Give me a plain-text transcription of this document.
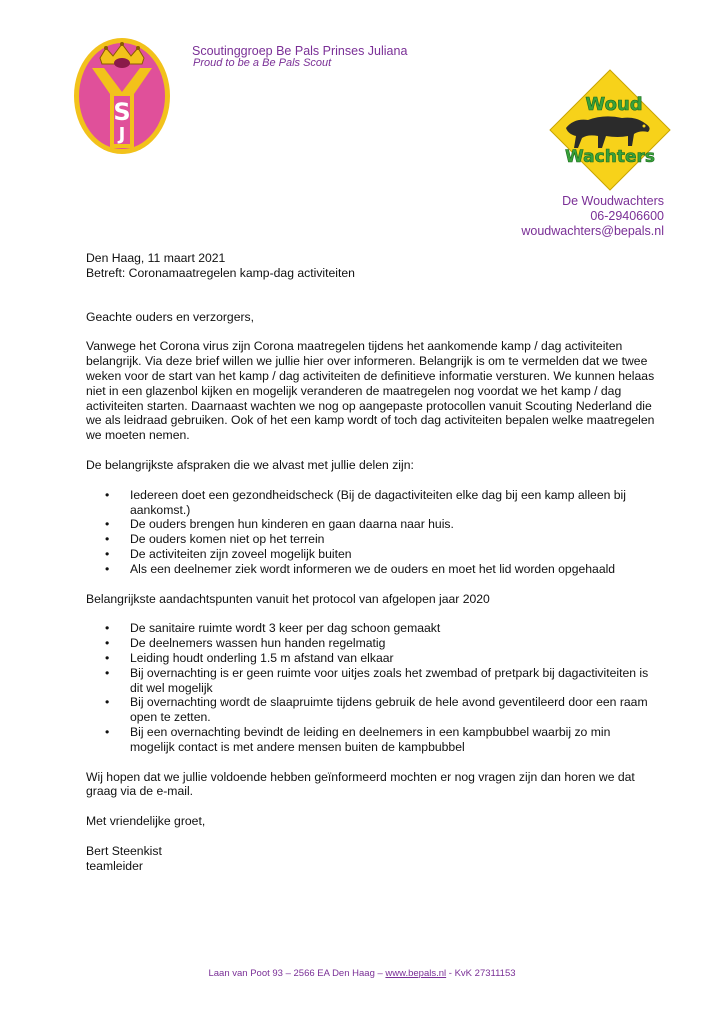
Scoutinggroep Be Pals Prinses Juliana
Proud to be a Be Pals Scout
S
J
Woud
Wachters
De Woudwachters
06-29406600
woudwachters@bepals.nl

Den Haag, 11 maart 2021

Betreft: Coronamaatregelen kamp-dag activiteiten

Geachte ouders en verzorgers,

Vanwege het Corona virus zijn Corona maatregelen tijdens het aankomende kamp / dag activiteiten belangrijk. Via deze brief willen we jullie hier over informeren. Belangrijk is om te vermelden dat we twee weken voor de start van het kamp / dag activiteiten de definitieve informatie versturen. We kunnen helaas niet in een glazenbol kijken en mogelijk veranderen de maatregelen nog voordat we het kamp / dag activiteiten starten. Daarnaast wachten we nog op aangepaste protocollen vanuit Scouting Nederland die we als leidraad gebruiken. Ook of het een kamp wordt of toch dag activiteiten bepalen welke maatregelen we moeten nemen.

De belangrijkste afspraken die we alvast met jullie delen zijn:

• Iedereen doet een gezondheidscheck (Bij de dagactiviteiten elke dag bij een kamp alleen bij aankomst.)
• De ouders brengen hun kinderen en gaan daarna naar huis.
• De ouders komen niet op het terrein
• De activiteiten zijn zoveel mogelijk buiten
• Als een deelnemer ziek wordt informeren we de ouders en moet het lid worden opgehaald

Belangrijkste aandachtspunten vanuit het protocol van afgelopen jaar 2020

• De sanitaire ruimte wordt 3 keer per dag schoon gemaakt
• De deelnemers wassen hun handen regelmatig
• Leiding houdt onderling 1.5 m afstand van elkaar
• Bij overnachting is er geen ruimte voor uitjes zoals het zwembad of pretpark bij dagactiviteiten is dit wel mogelijk
• Bij overnachting wordt de slaapruimte tijdens gebruik de hele avond geventileerd door een raam open te zetten.
• Bij een overnachting bevindt de leiding en deelnemers in een kampbubbel waarbij zo min mogelijk contact is met andere mensen buiten de kampbubbel

Wij hopen dat we jullie voldoende hebben geïnformeerd mochten er nog vragen zijn dan horen we dat graag via de e-mail.

Met vriendelijke groet,

Bert Steenkist

teamleider

Laan van Poot 93 – 2566 EA Den Haag – www.bepals.nl - KvK 27311153
